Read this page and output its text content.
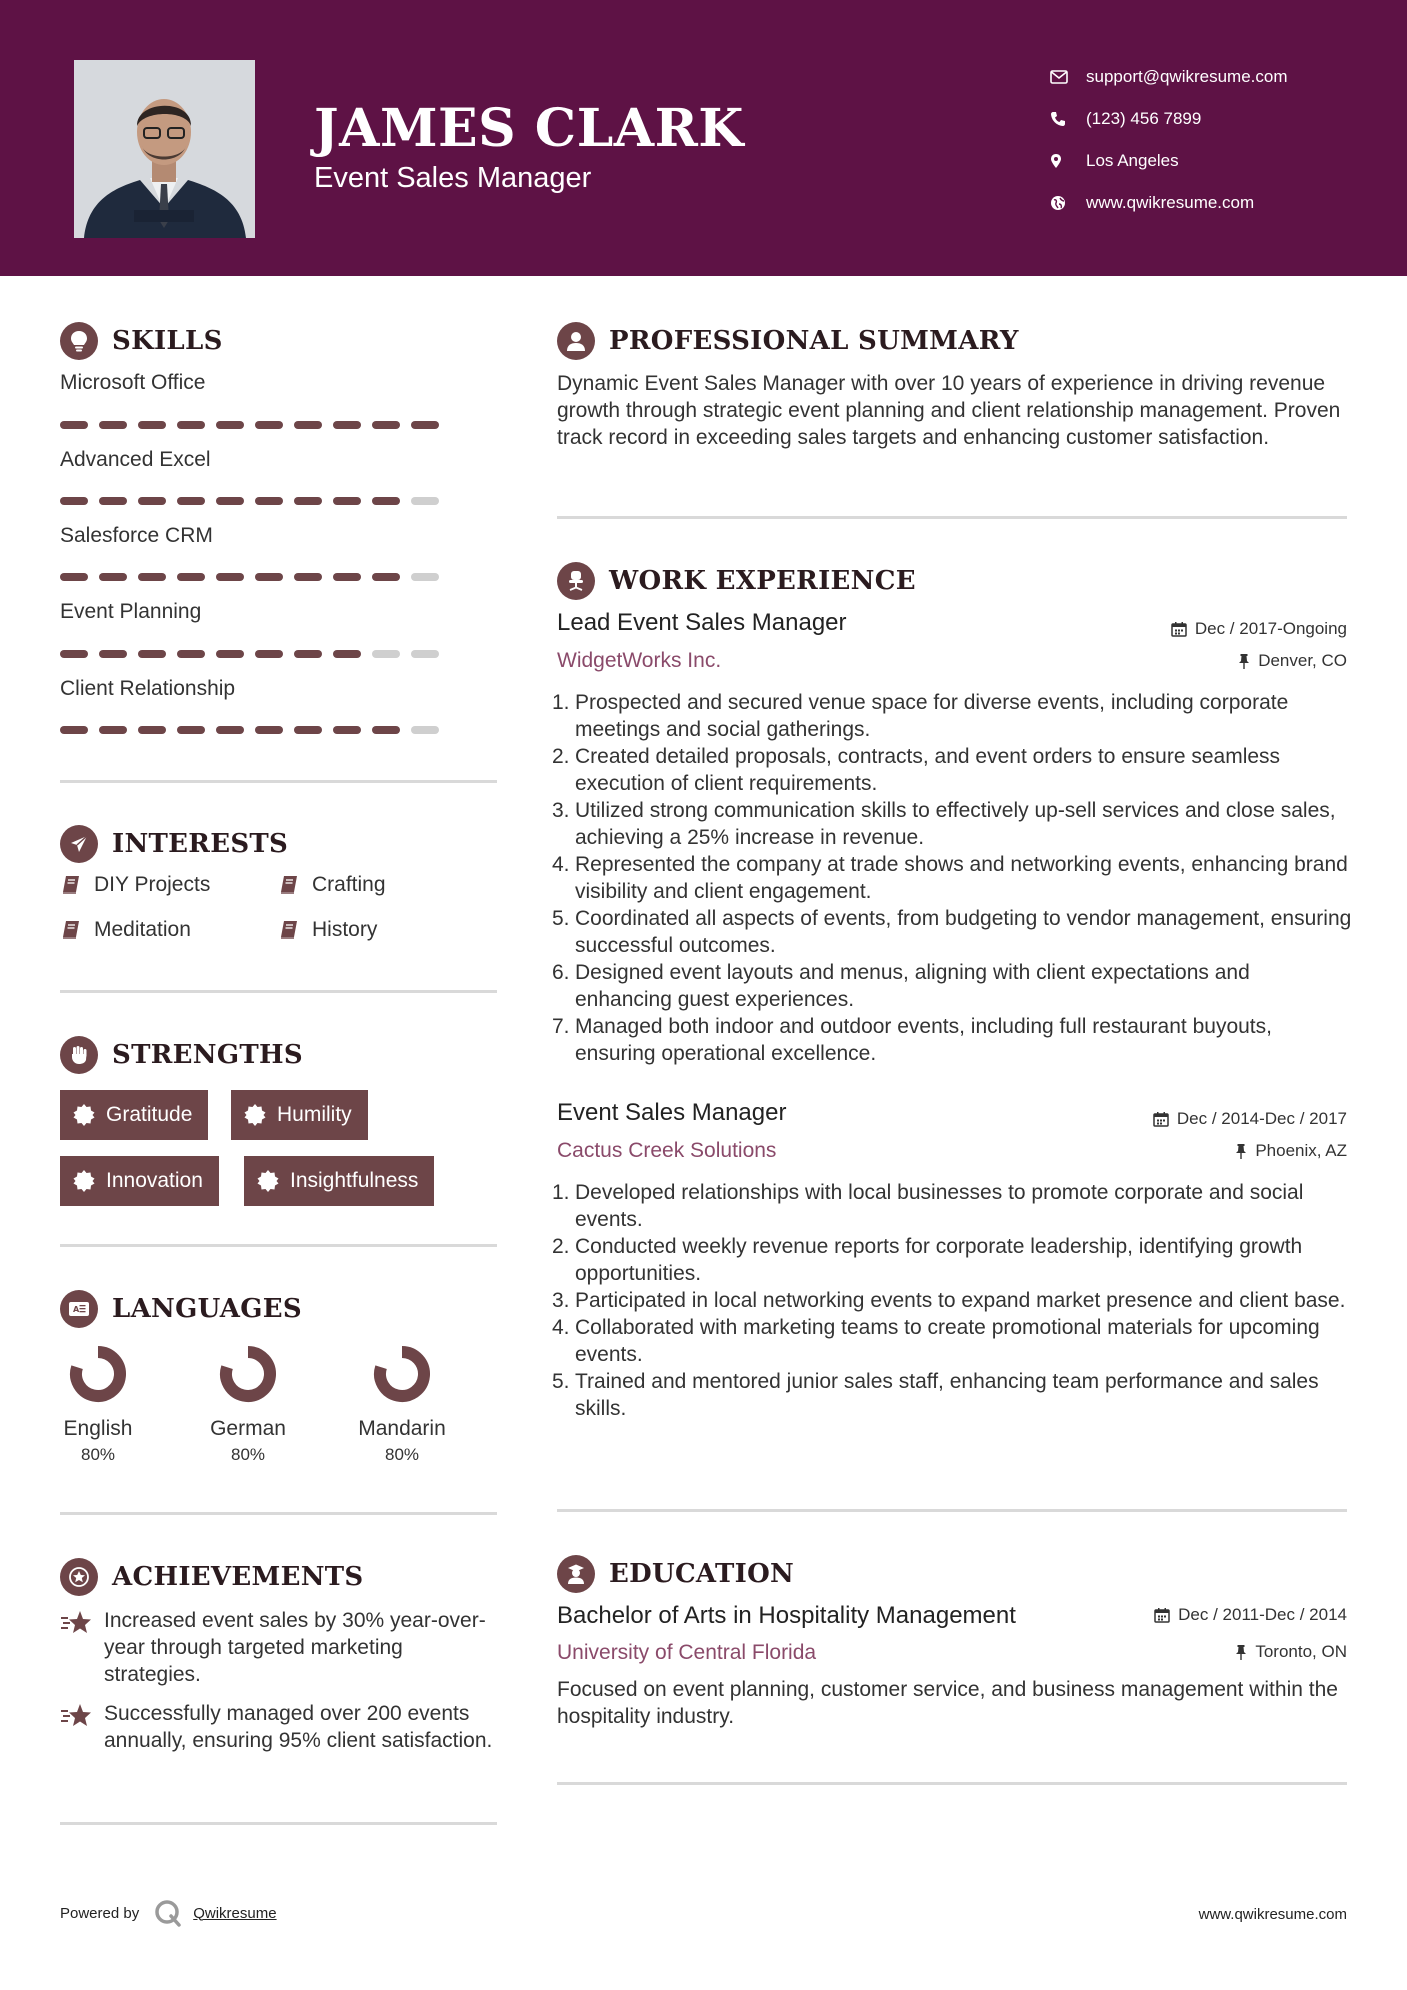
JAMES CLARK
Event Sales Manager
support@qwikresume.com
(123) 456 7899
Los Angeles
www.qwikresume.com
SKILLS
Microsoft Office
Advanced Excel
Salesforce CRM
Event Planning
Client Relationship
INTERESTS
DIY Projects	Crafting
Meditation	History
STRENGTHS
Gratitude	Humility
Innovation	Insightfulness
A LANGUAGES
English
80%
German
80%
Mandarin
80%
ACHIEVEMENTS
Increased event sales by 30% year-over-year through targeted marketing strategies.
Successfully managed over 200 events annually, ensuring 95% client satisfaction.
PROFESSIONAL SUMMARY
Dynamic Event Sales Manager with over 10 years of experience in driving revenue growth through strategic event planning and client relationship management. Proven track record in exceeding sales targets and enhancing customer satisfaction.
WORK EXPERIENCE
Lead Event Sales Manager
WidgetWorks Inc.
Dec / 2017-Ongoing
Denver, CO
1. Prospected and secured venue space for diverse events, including corporate meetings and social gatherings.
2. Created detailed proposals, contracts, and event orders to ensure seamless execution of client requirements.
3. Utilized strong communication skills to effectively up-sell services and close sales, achieving a 25% increase in revenue.
4. Represented the company at trade shows and networking events, enhancing brand visibility and client engagement.
5. Coordinated all aspects of events, from budgeting to vendor management, ensuring successful outcomes.
6. Designed event layouts and menus, aligning with client expectations and enhancing guest experiences.
7. Managed both indoor and outdoor events, including full restaurant buyouts, ensuring operational excellence.
Event Sales Manager
Cactus Creek Solutions
Dec / 2014-Dec / 2017
Phoenix, AZ
1. Developed relationships with local businesses to promote corporate and social events.
2. Conducted weekly revenue reports for corporate leadership, identifying growth opportunities.
3. Participated in local networking events to expand market presence and client base.
4. Collaborated with marketing teams to create promotional materials for upcoming events.
5. Trained and mentored junior sales staff, enhancing team performance and sales skills.
EDUCATION
Bachelor of Arts in Hospitality Management
University of Central Florida
Dec / 2011-Dec / 2014
Toronto, ON
Focused on event planning, customer service, and business management within the hospitality industry.
Powered by	Qwikresume	www.qwikresume.com
